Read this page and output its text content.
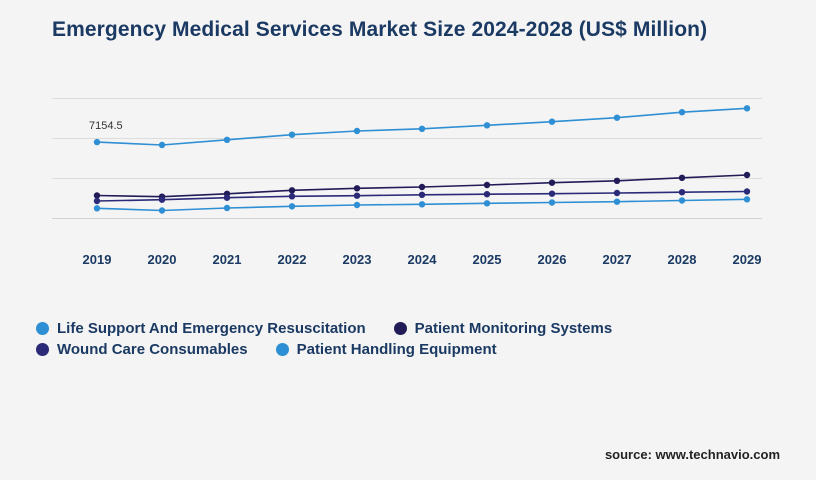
Emergency Medical Services Market Size 2024-2028 (US$ Million)
7154.5
2019	2020	2021	2022	2023	2024	2025	2026	2027	2028	2029
Life Support And Emergency Resuscitation	Patient Monitoring Systems
Wound Care Consumables	Patient Handling Equipment
source: www.technavio.com
